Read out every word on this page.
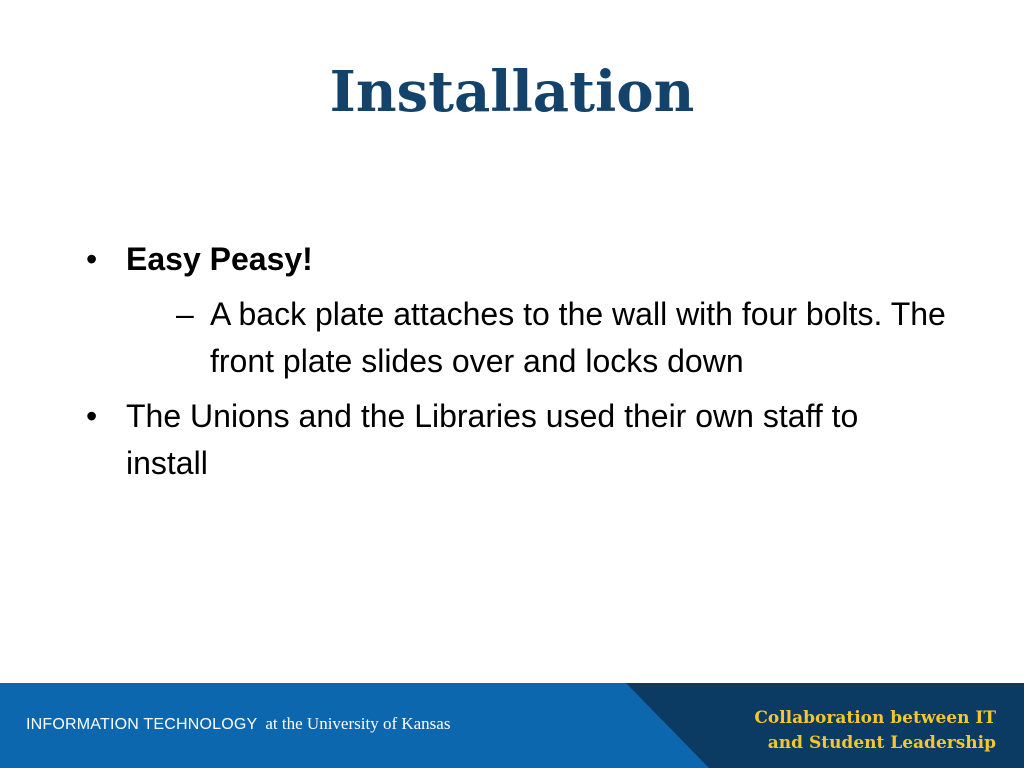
Installation
• Easy Peasy!
– A back plate attaches to the wall with four bolts. The front plate slides over and locks down
• The Unions and the Libraries used their own staff to install
INFORMATION TECHNOLOGY at the University of Kansas	Collaboration between IT
and Student Leadership
